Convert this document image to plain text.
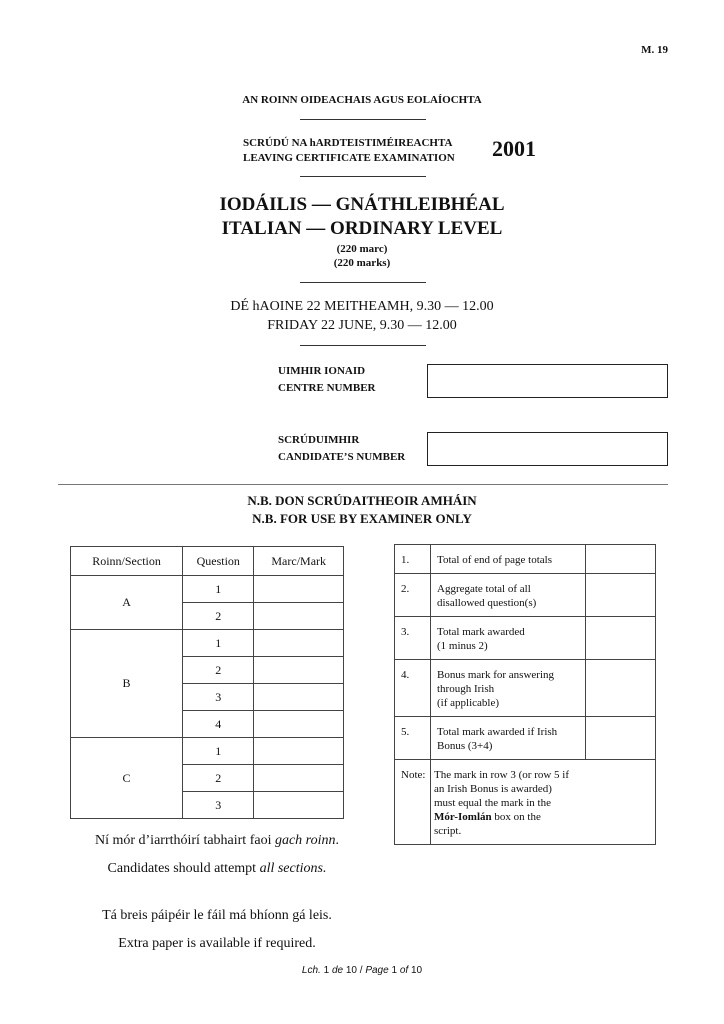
M. 19
AN ROINN OIDEACHAIS AGUS EOLAÍOCHTA
SCRÚDÚ NA hARDTEISTIMÉIREACHTA
LEAVING CERTIFICATE EXAMINATION 2001
IODÁILIS — GNÁTHLEIBHÉAL
ITALIAN — ORDINARY LEVEL
(220 marc)
(220 marks)
DÉ hAOINE 22 MEITHEAMH, 9.30 — 12.00
FRIDAY 22 JUNE, 9.30 — 12.00
UIMHIR IONAID
CENTRE NUMBER
SCRÚDUIMHIR
CANDIDATE’S NUMBER
N.B. DON SCRÚDAITHEOIR AMHÁIN
N.B. FOR USE BY EXAMINER ONLY
Roinn/Section	Question	Marc/Mark
A	1	
	2	
B	1	
	2	
	3	
	4	
C	1	
	2	
	3	
1.	Total of end of page totals	

2.	Aggregate total of all
disallowed question(s)	

3.	Total mark awarded
(1 minus 2)	

4.	Bonus mark for answering
through Irish
(if applicable)	

5.	Total mark awarded if Irish
Bonus (3+4)	

Note:	The mark in row 3 (or row 5 if
an Irish Bonus is awarded)
must equal the mark in the
Mór-Iomlán box on the
script.	
Ní mór d’iarrthóirí tabhairt faoi gach roinn.
Candidates should attempt all sections.
Tá breis páipéir le fáil má bhíonn gá leis.
Extra paper is available if required.
Lch. 1 de 10 / Page 1 of 10
